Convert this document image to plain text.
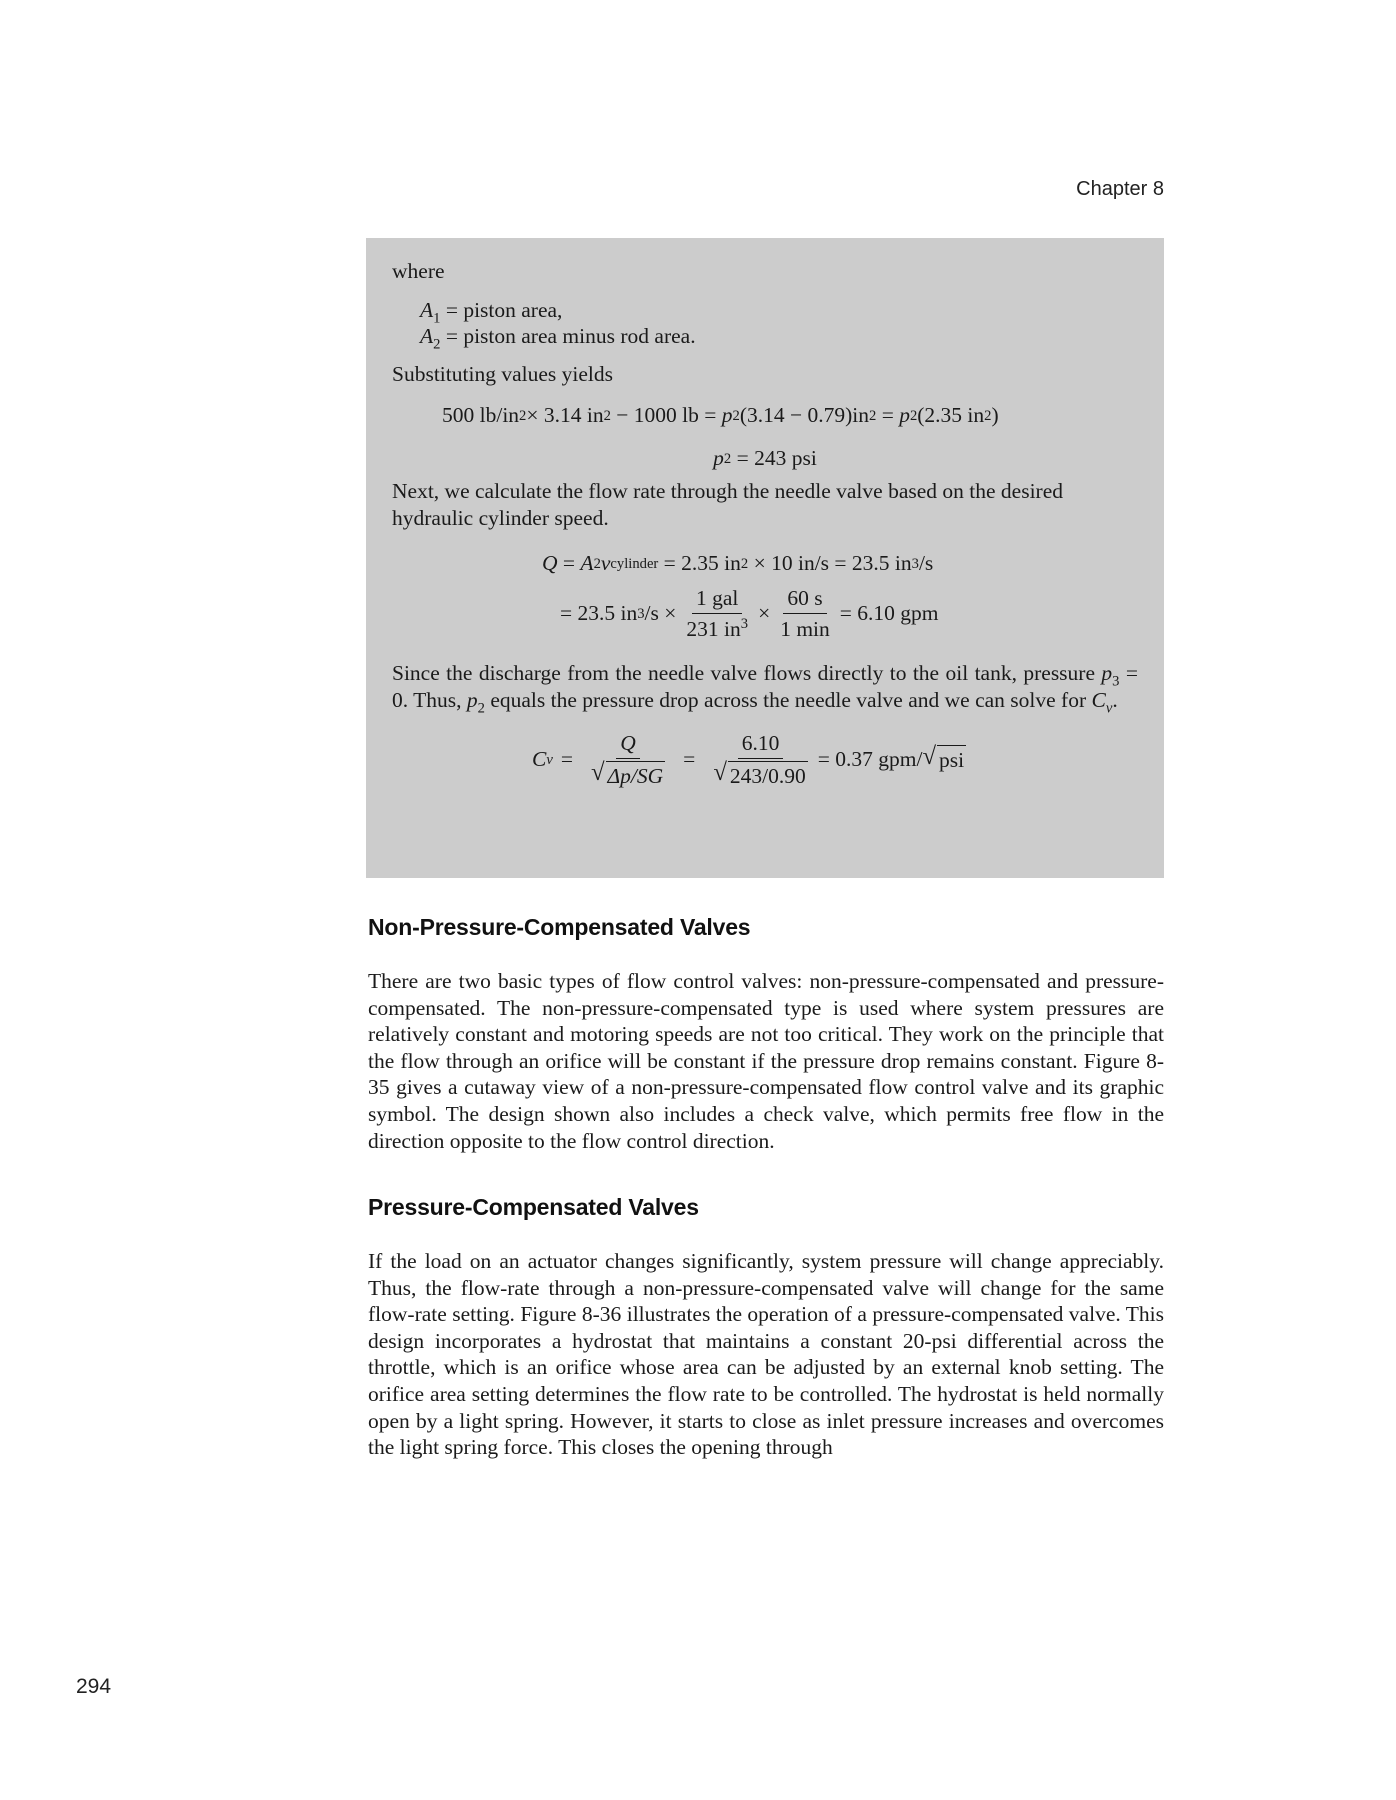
Chapter 8

where

$A_1$ = piston area,
$A_2$ = piston area minus rod area.

Substituting values yields

500 lb/in 2 × 3.14 in 2 − 1000 lb = p 2 (3.14 − 0.79)in 2 = p 2 (2.35 in 2 )
p 2 = 243 psi

Next, we calculate the flow rate through the needle valve based on the desired hydraulic cylinder speed.

Q = A 2 v cylinder = 2.35 in 2 × 10 in/s = 23.5 in 3 /s
= 23.5 in 3 $/s \times \frac{\text{1 gal}}{231 in^3} \times \frac{60 s}{1 \min} = 6.10$ gpm

Since the discharge from the needle valve flows directly to the oil tank, pressure $p_3 = 0$. Thus, $p_2$ equals the pressure drop across the needle valve and we can solve for $C_v$.

C $v = \frac{Q}{√ \Delta p/SG} = \frac{6.10}{√ 243/0.90} = 0.37$ gpm/ √ psi
Non-Pressure-Compensated Valves

There are two basic types of flow control valves: non-pressure-compensated and pressure-compensated. The non-pressure-compensated type is used where system pressures are relatively constant and motoring speeds are not too critical. They work on the principle that the flow through an orifice will be constant if the pressure drop remains constant. Figure 8-35 gives a cutaway view of a non-pressure-compensated flow control valve and its graphic symbol. The design shown also includes a check valve, which permits free flow in the direction opposite to the flow control direction.

Pressure-Compensated Valves

If the load on an actuator changes significantly, system pressure will change appreciably. Thus, the flow-rate through a non-pressure-compensated valve will change for the same flow-rate setting. Figure 8-36 illustrates the operation of a pressure-compensated valve. This design incorporates a hydrostat that maintains a constant 20-psi differential across the throttle, which is an orifice whose area can be adjusted by an external knob setting. The orifice area setting determines the flow rate to be controlled. The hydrostat is held normally open by a light spring. However, it starts to close as inlet pressure increases and overcomes the light spring force. This closes the opening through

294
